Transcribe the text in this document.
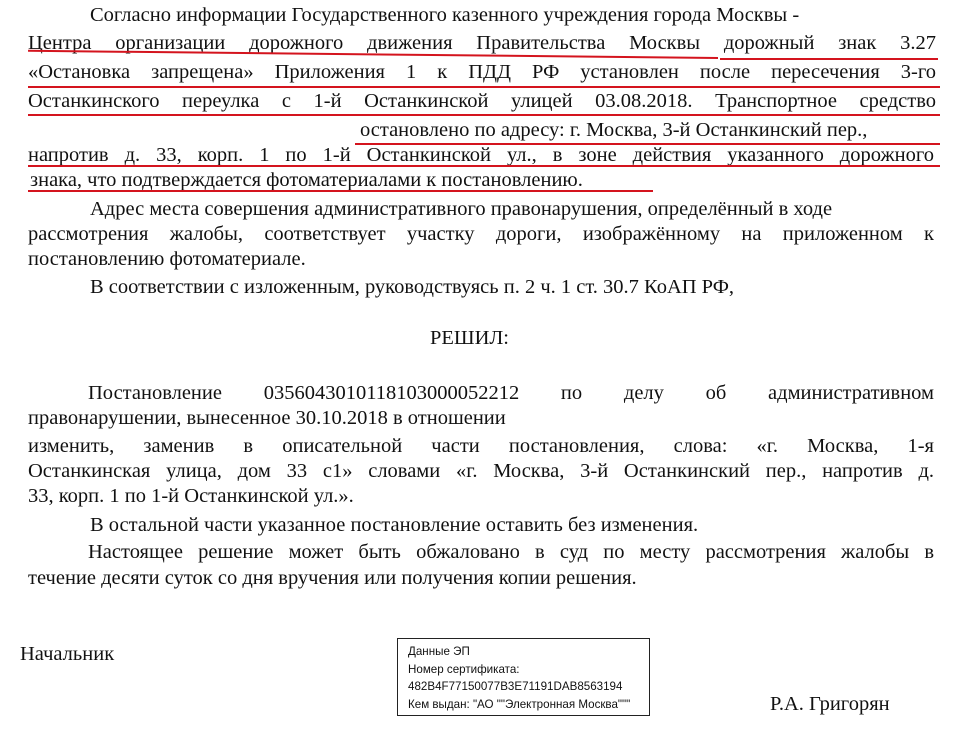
Согласно информации Государственного казенного учреждения города Москвы -
Центра организации дорожного движения Правительства Москвы дорожный знак 3.27
«Остановка запрещена» Приложения 1 к ПДД РФ установлен после пересечения 3-го
Останкинского переулка с 1-й Останкинской улицей 03.08.2018. Транспортное средство
остановлено по адресу: г. Москва, 3-й Останкинский пер.,
напротив д. 33, корп. 1 по 1-й Останкинской ул., в зоне действия указанного дорожного
знака, что подтверждается фотоматериалами к постановлению.
Адрес места совершения административного правонарушения, определённый в ходе
рассмотрения жалобы, соответствует участку дороги, изображённому на приложенном к
постановлению фотоматериале.
В соответствии с изложенным, руководствуясь п. 2 ч. 1 ст. 30.7 КоАП РФ,
РЕШИЛ:
Постановление 0356043010118103000052212 по делу об административном
правонарушении, вынесенное 30.10.2018 в отношении
изменить, заменив в описательной части постановления, слова: «г. Москва, 1-я
Останкинская улица, дом 33 с1» словами «г. Москва, 3-й Останкинский пер., напротив д.
33, корп. 1 по 1-й Останкинской ул.».
В остальной части указанное постановление оставить без изменения.
Настоящее решение может быть обжаловано в суд по месту рассмотрения жалобы в
течение десяти суток со дня вручения или получения копии решения.
Начальник	Данные ЭП
Номер сертификата:
482B4F77150077B3E71191DAB8563194
Кем выдан: "АО ""Электронная Москва"""	Р.А. Григорян
